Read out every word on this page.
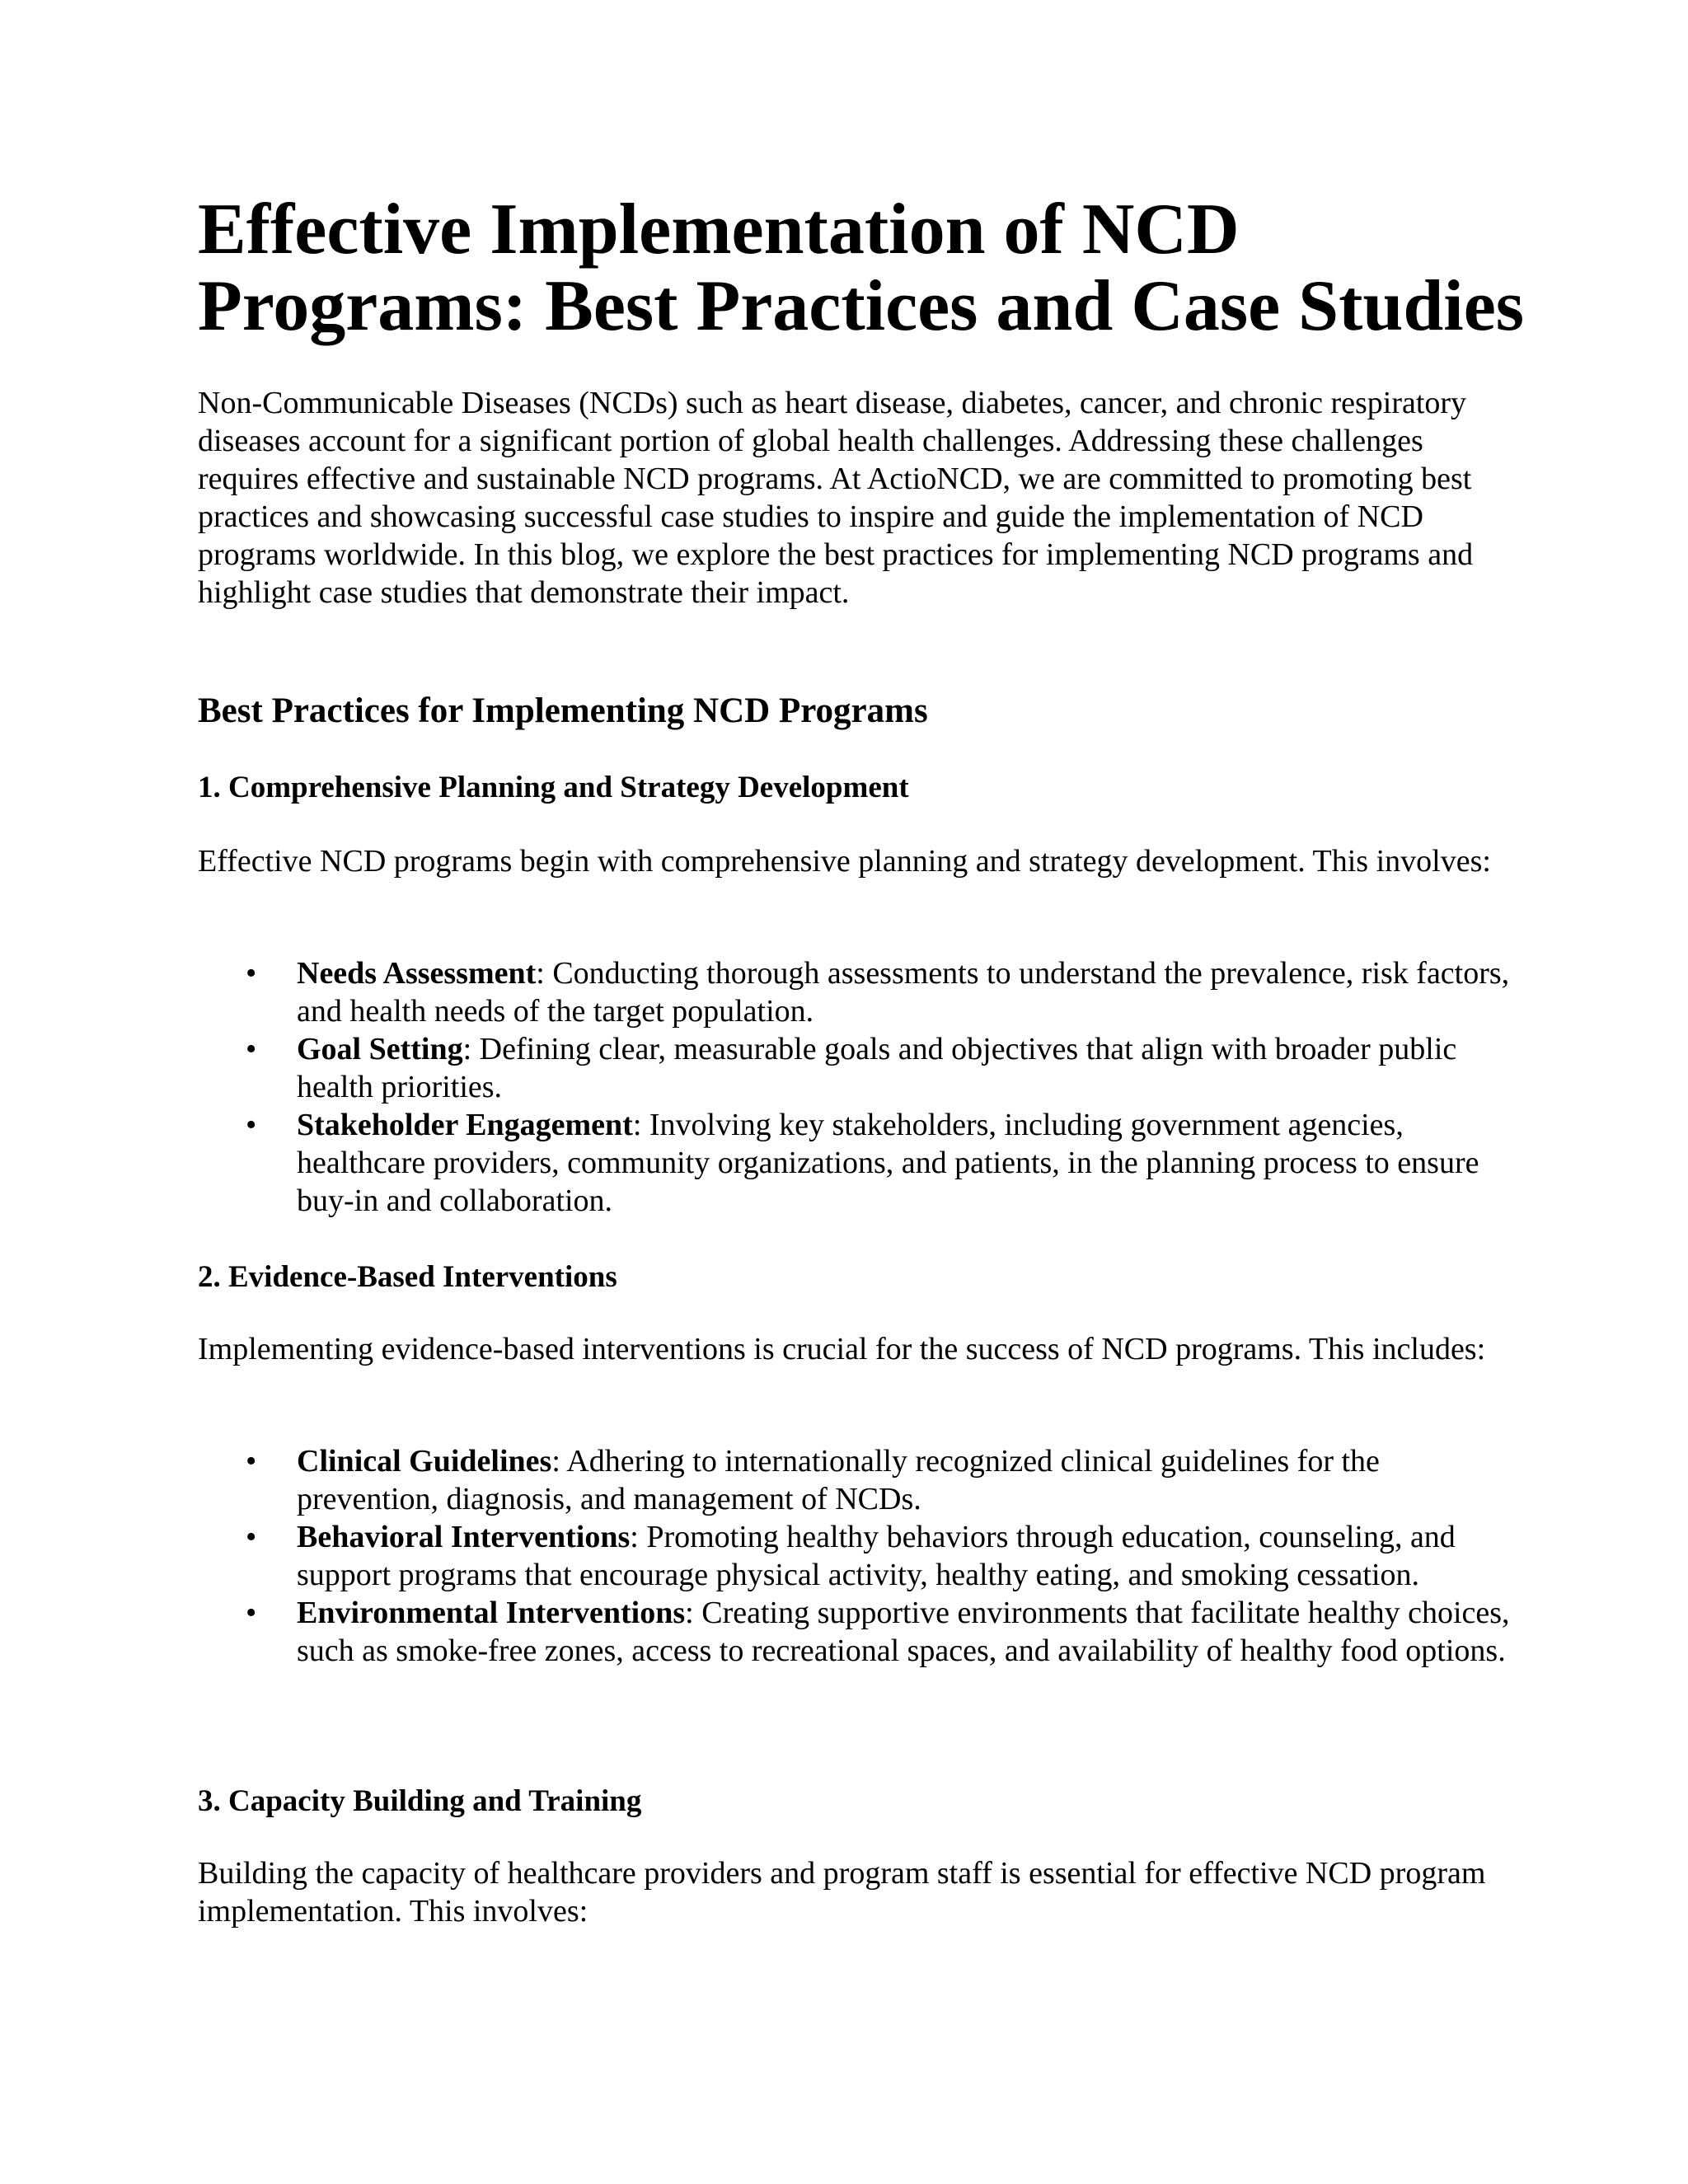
Effective Implementation of NCD Programs: Best Practices and Case Studies

Non-Communicable Diseases (NCDs) such as heart disease, diabetes, cancer, and chronic respiratory diseases account for a significant portion of global health challenges. Addressing these challenges requires effective and sustainable NCD programs. At ActioNCD, we are committed to promoting best practices and showcasing successful case studies to inspire and guide the implementation of NCD programs worldwide. In this blog, we explore the best practices for implementing NCD programs and highlight case studies that demonstrate their impact.

Best Practices for Implementing NCD Programs
1. Comprehensive Planning and Strategy Development

Effective NCD programs begin with comprehensive planning and strategy development. This involves:

• Needs Assessment: Conducting thorough assessments to understand the prevalence, risk factors, and health needs of the target population.
• Goal Setting: Defining clear, measurable goals and objectives that align with broader public health priorities.
• Stakeholder Engagement: Involving key stakeholders, including government agencies, healthcare providers, community organizations, and patients, in the planning process to ensure buy-in and collaboration.
2. Evidence-Based Interventions

Implementing evidence-based interventions is crucial for the success of NCD programs. This includes:

• Clinical Guidelines: Adhering to internationally recognized clinical guidelines for the prevention, diagnosis, and management of NCDs.
• Behavioral Interventions: Promoting healthy behaviors through education, counseling, and support programs that encourage physical activity, healthy eating, and smoking cessation.
• Environmental Interventions: Creating supportive environments that facilitate healthy choices, such as smoke-free zones, access to recreational spaces, and availability of healthy food options.
3. Capacity Building and Training

Building the capacity of healthcare providers and program staff is essential for effective NCD program implementation. This involves:
